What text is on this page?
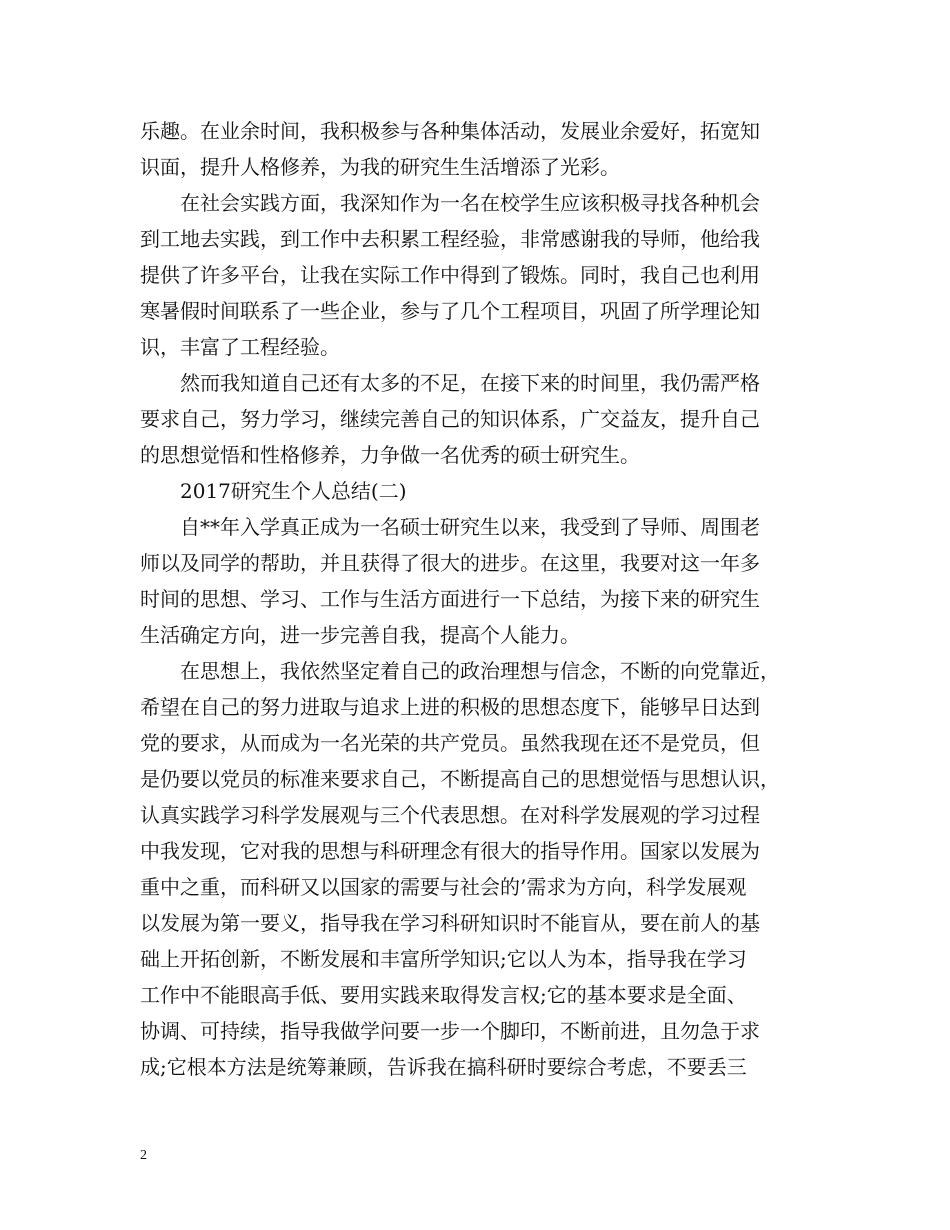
乐趣。在业余时间，我积极参与各种集体活动，发展业余爱好，拓宽知
识面，提升人格修养，为我的研究生生活增添了光彩。
　　在社会实践方面，我深知作为一名在校学生应该积极寻找各种机会
到工地去实践，到工作中去积累工程经验，非常感谢我的导师，他给我
提供了许多平台，让我在实际工作中得到了锻炼。同时，我自己也利用
寒暑假时间联系了一些企业，参与了几个工程项目，巩固了所学理论知
识，丰富了工程经验。
　　然而我知道自己还有太多的不足，在接下来的时间里，我仍需严格
要求自己，努力学习，继续完善自己的知识体系，广交益友，提升自己
的思想觉悟和性格修养，力争做一名优秀的硕士研究生。
　　2017研究生个人总结(二)
　　自**年入学真正成为一名硕士研究生以来，我受到了导师、周围老
师以及同学的帮助，并且获得了很大的进步。在这里，我要对这一年多
时间的思想、学习、工作与生活方面进行一下总结，为接下来的研究生
生活确定方向，进一步完善自我，提高个人能力。
　　在思想上，我依然坚定着自己的政治理想与信念，不断的向党靠近，
希望在自己的努力进取与追求上进的积极的思想态度下，能够早日达到
党的要求，从而成为一名光荣的共产党员。虽然我现在还不是党员，但
是仍要以党员的标准来要求自己，不断提高自己的思想觉悟与思想认识，
认真实践学习科学发展观与三个代表思想。在对科学发展观的学习过程
中我发现，它对我的思想与科研理念有很大的指导作用。国家以发展为
重中之重，而科研又以国家的需要与社会的’需求为方向，科学发展观
以发展为第一要义，指导我在学习科研知识时不能盲从，要在前人的基
础上开拓创新，不断发展和丰富所学知识;它以人为本，指导我在学习
工作中不能眼高手低、要用实践来取得发言权;它的基本要求是全面、
协调、可持续，指导我做学问要一步一个脚印，不断前进，且勿急于求
成;它根本方法是统筹兼顾，告诉我在搞科研时要综合考虑，不要丢三
2
